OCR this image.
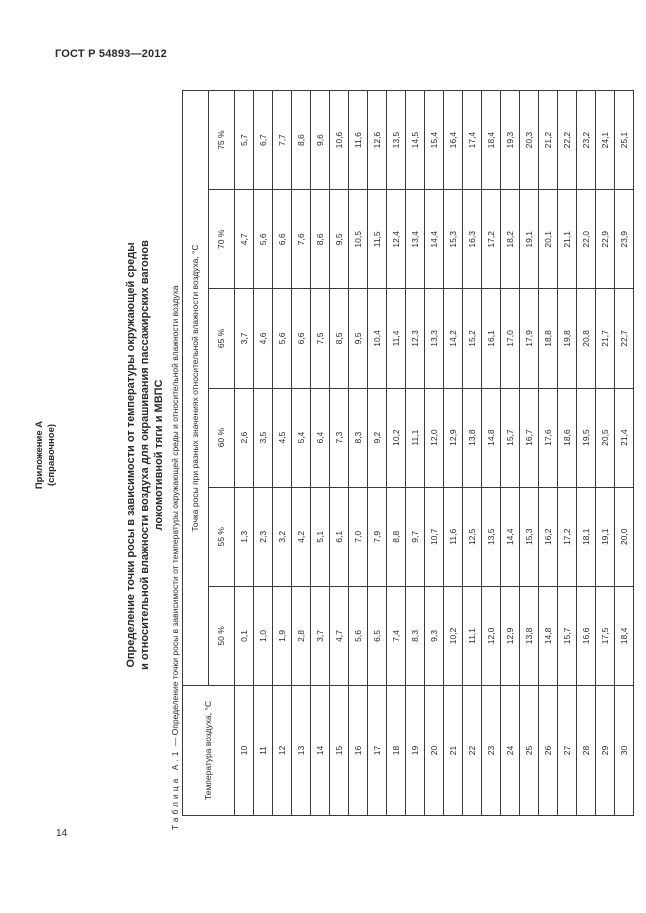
ГОСТ Р 54893—2012
Приложение А (справочное)	Определение точки росы в зависимости от температуры окружающей среды и относительной влажности воздуха для окрашивания пассажирских вагонов локомотивной тяги и МВПС
Таблица А.1 — Определение точки росы в зависимости от температуры окружающей среды и относительной влажности воздуха
Температура воздуха, °С	Точка росы при разных значениях относительной влажности воздуха, °С					
	50 %	55 %	60 %	65 %	70 %	75 %
10	0,1	1,3	2,6	3,7	4,7	5,7
11	1,0	2,3	3,5	4,6	5,6	6,7
12	1,9	3,2	4,5	5,6	6,6	7,7
13	2,8	4,2	5,4	6,6	7,6	8,6
14	3,7	5,1	6,4	7,5	8,6	9,6
15	4,7	6,1	7,3	8,5	9,5	10,6
16	5,6	7,0	8,3	9,5	10,5	11,6
17	6,5	7,9	9,2	10,4	11,5	12,6
18	7,4	8,8	10,2	11,4	12,4	13,5
19	8,3	9,7	11,1	12,3	13,4	14,5
20	9,3	10,7	12,0	13,3	14,4	15,4
21	10,2	11,6	12,9	14,2	15,3	16,4
22	11,1	12,5	13,8	15,2	16,3	17,4
23	12,0	13,5	14,8	16,1	17,2	18,4
24	12,9	14,4	15,7	17,0	18,2	19,3
25	13,8	15,3	16,7	17,9	19,1	20,3
26	14,8	16,2	17,6	18,8	20,1	21,2
27	15,7	17,2	18,6	19,8	21,1	22,2
28	16,6	18,1	19,5	20,8	22,0	23,2
29	17,5	19,1	20,5	21,7	22,9	24,1
30	18,4	20,0	21,4	22,7	23,9	25,1
14
